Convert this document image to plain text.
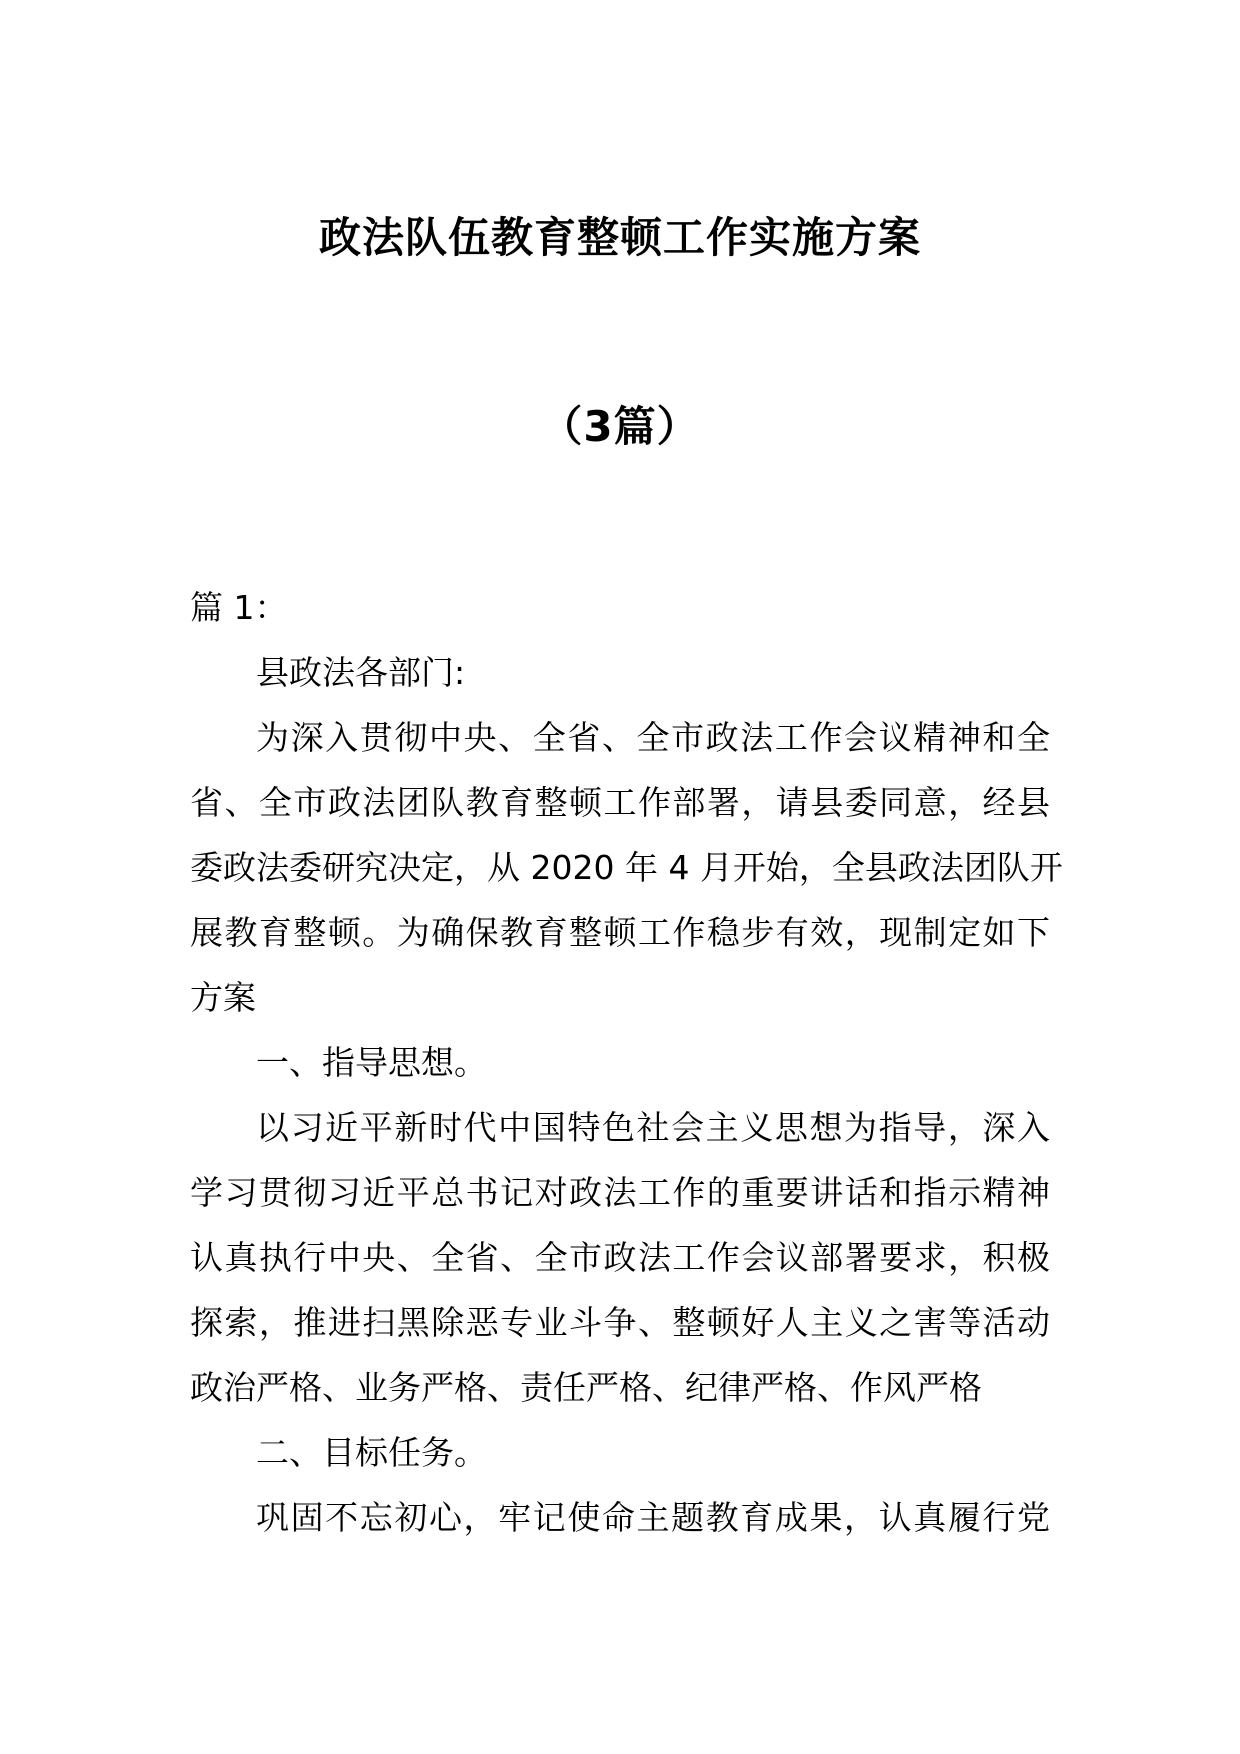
政法队伍教育整顿工作实施方案
（3篇）
篇 1：
县政法各部门:
为深入贯彻中央、全省、全市政法工作会议精神和全
省、全市政法团队教育整顿工作部署，请县委同意，经县
委政法委研究决定，从 2020 年 4 月开始，全县政法团队开
展教育整顿。为确保教育整顿工作稳步有效，现制定如下
方案
一、指导思想。
以习近平新时代中国特色社会主义思想为指导，深入
学习贯彻习近平总书记对政法工作的重要讲话和指示精神
认真执行中央、全省、全市政法工作会议部署要求，积极
探索，推进扫黑除恶专业斗争、整顿好人主义之害等活动
政治严格、业务严格、责任严格、纪律严格、作风严格
二、目标任务。
巩固不忘初心，牢记使命主题教育成果，认真履行党
